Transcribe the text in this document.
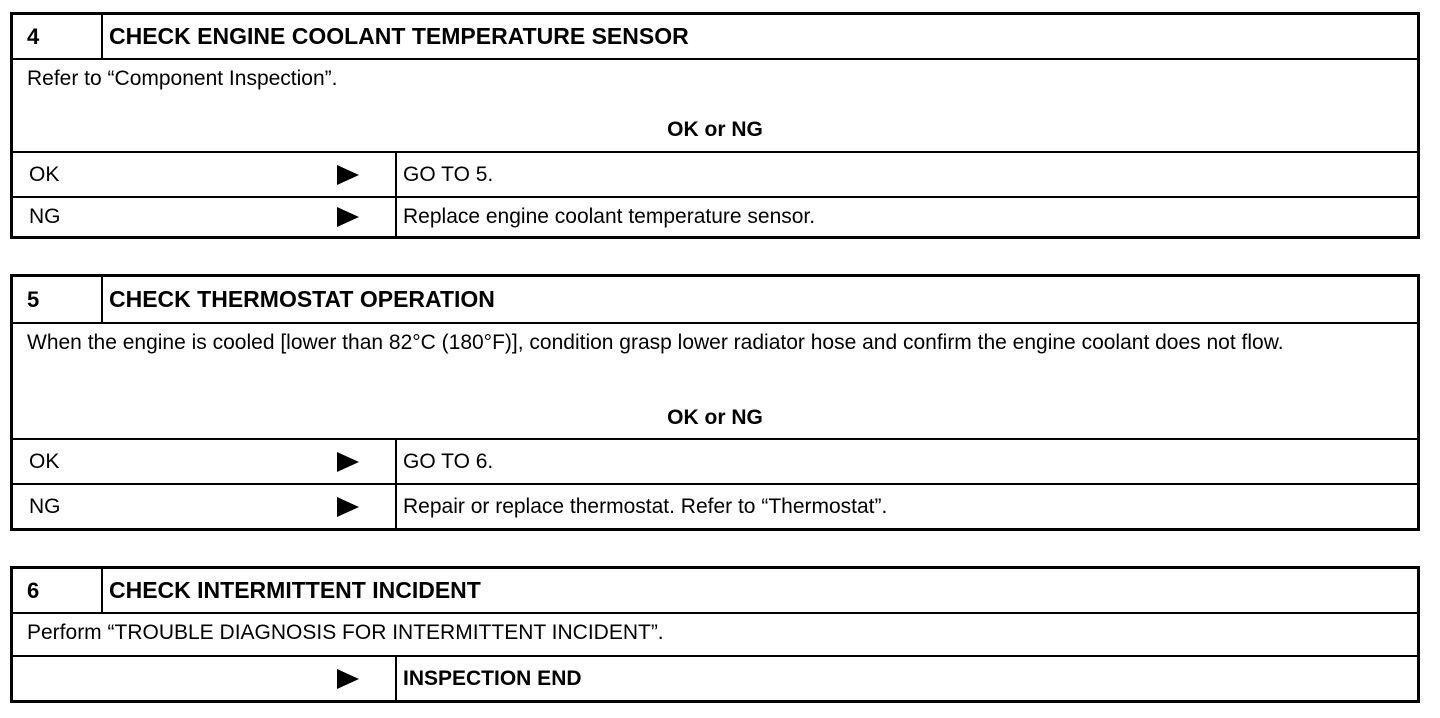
4	CHECK ENGINE COOLANT TEMPERATURE SENSOR
Refer to “Component Inspection”.
OK or NG
OK	GO TO 5.
NG	Replace engine coolant temperature sensor.
5	CHECK THERMOSTAT OPERATION
When the engine is cooled [lower than 82°C (180°F)], condition grasp lower radiator hose and confirm the engine coolant does not flow.
OK or NG
OK	GO TO 6.
NG	Repair or replace thermostat. Refer to “Thermostat”.
6	CHECK INTERMITTENT INCIDENT
Perform “TROUBLE DIAGNOSIS FOR INTERMITTENT INCIDENT”.
INSPECTION END
